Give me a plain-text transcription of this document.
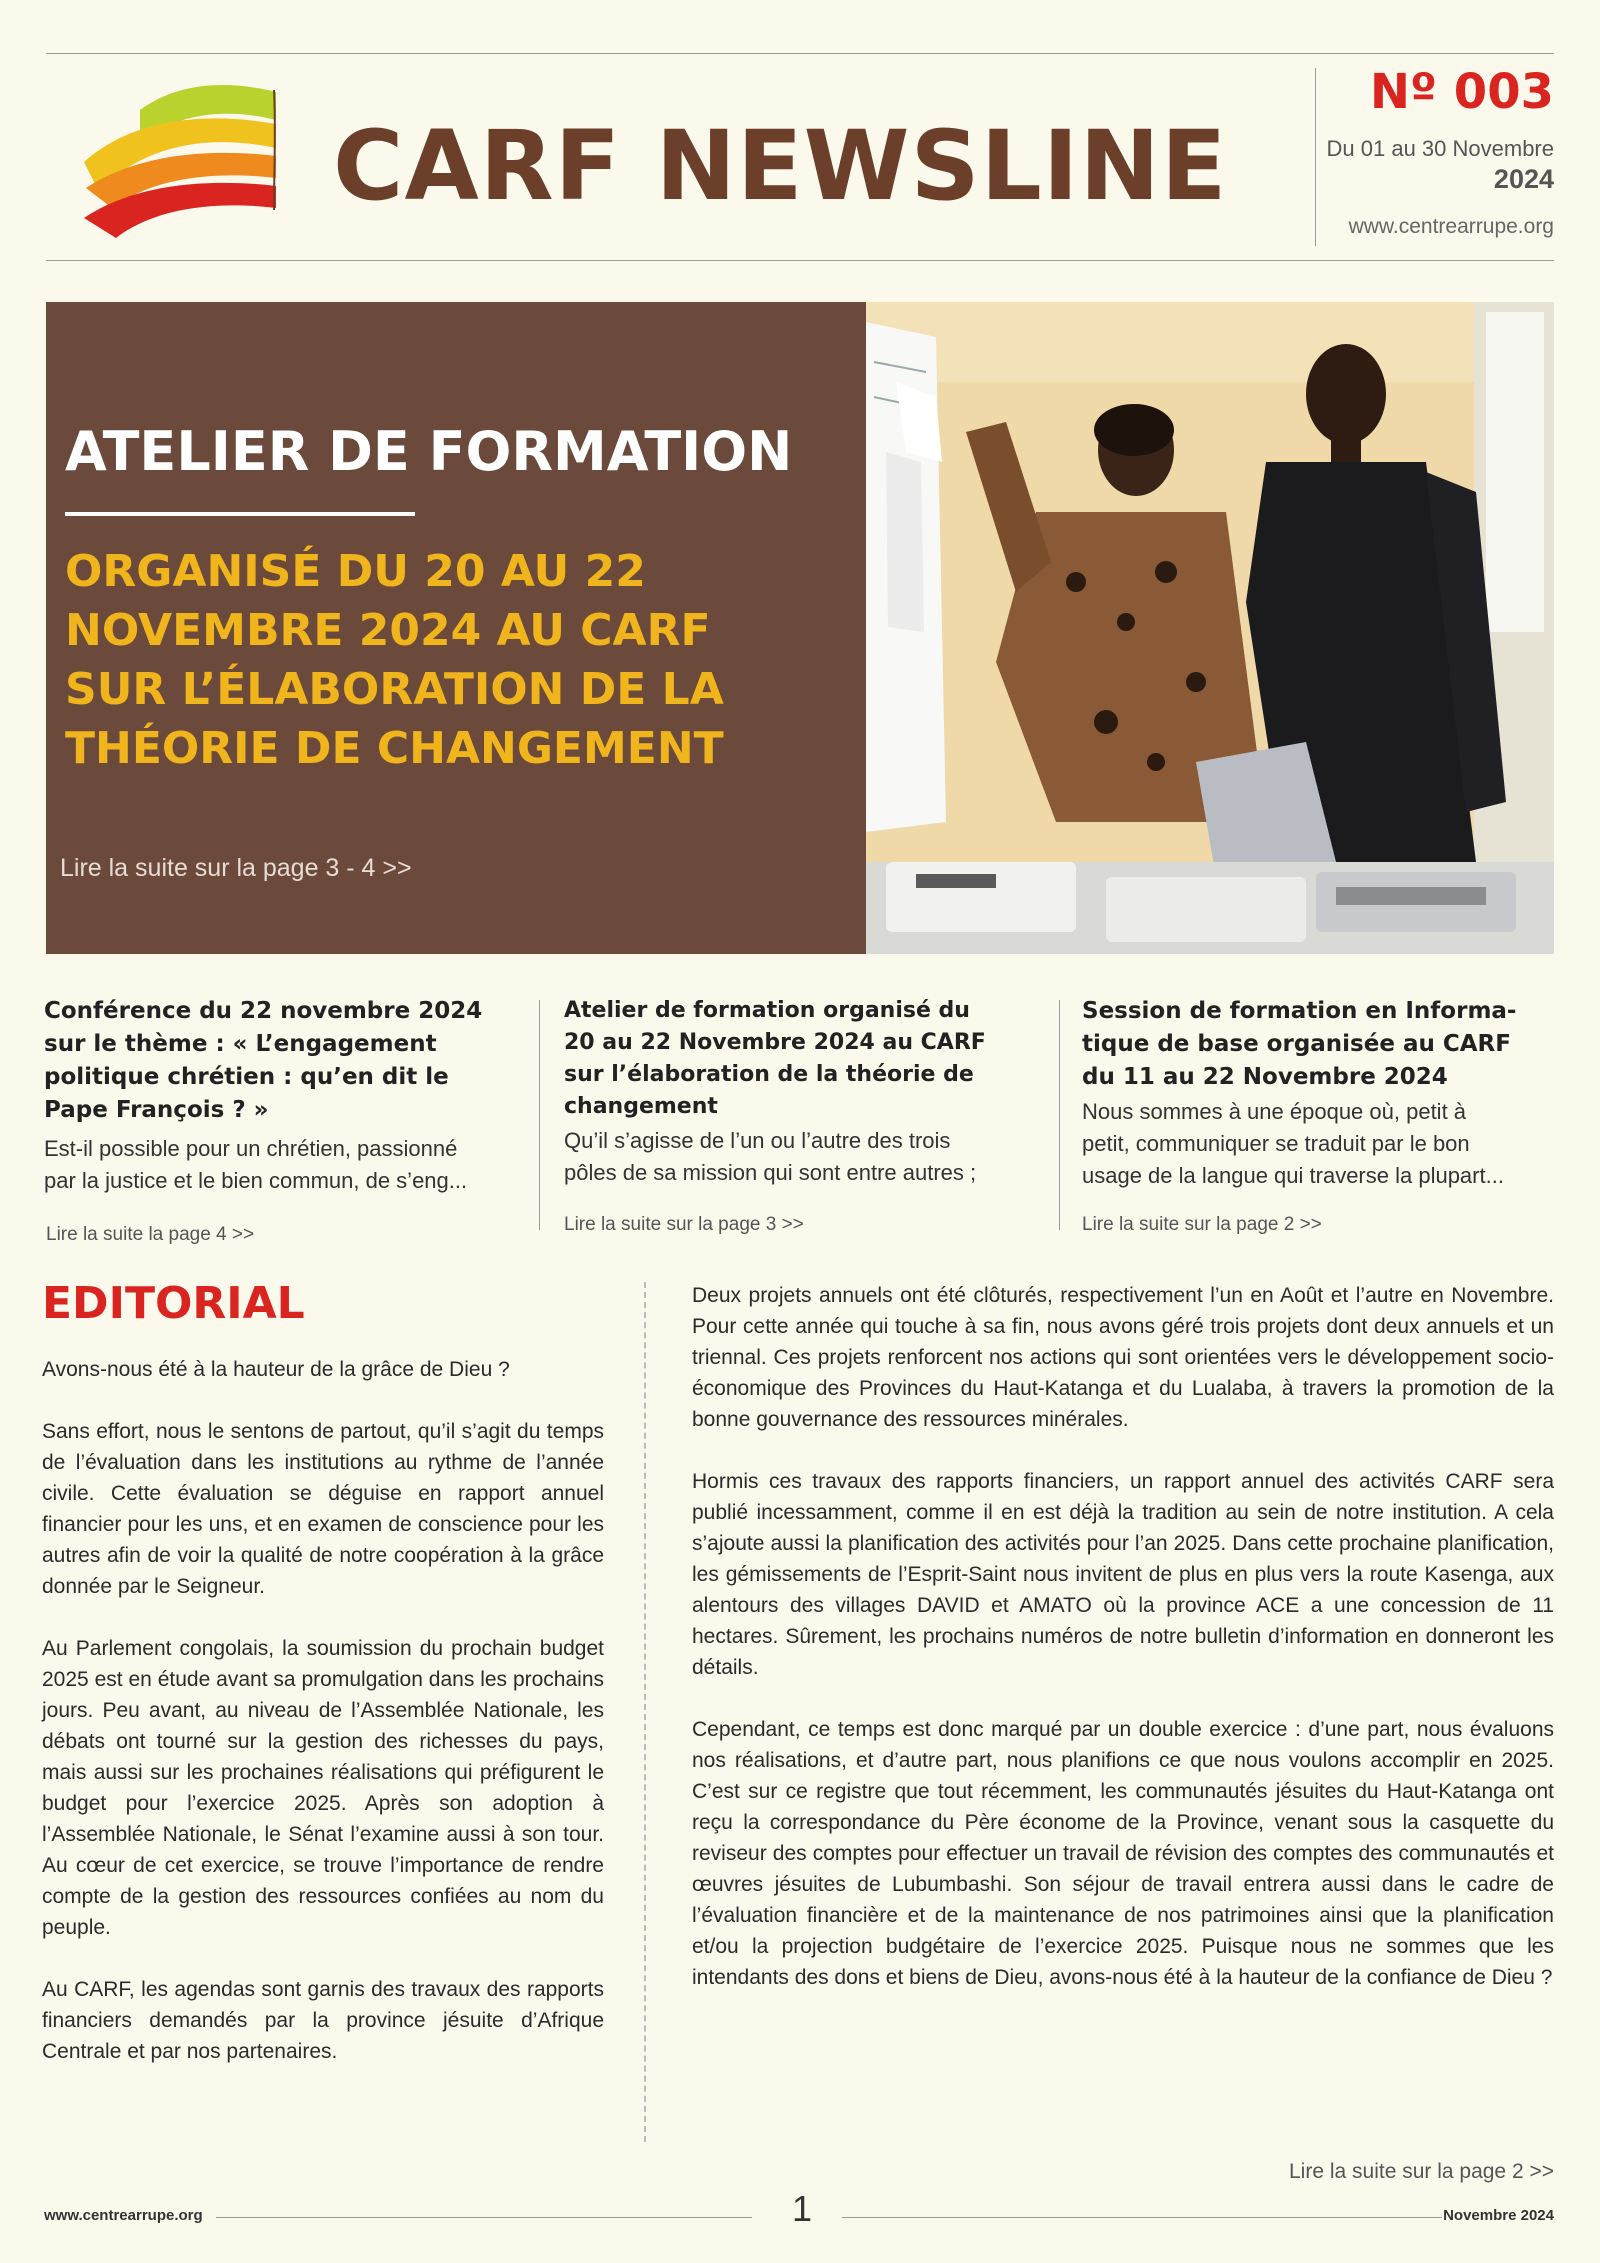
CARF NEWSLINE
Nº 003
Du 01 au 30 Novembre
2024
www.centrearrupe.org
ATELIER DE FORMATION
ORGANISÉ DU 20 AU 22
NOVEMBRE 2024 AU CARF
SUR L’ÉLABORATION DE LA
THÉORIE DE CHANGEMENT
Lire la suite sur la page 3 - 4 >>
Conférence du 22 novembre 2024
sur le thème : « L’engagement
politique chrétien : qu’en dit le
Pape François ? »

Est-il possible pour un chrétien, passionné
par la justice et le bien commun, de s’eng...

Lire la suite la page 4 >>
Atelier de formation organisé du
20 au 22 Novembre 2024 au CARF
sur l’élaboration de la théorie de
changement

Qu’il s’agisse de l’un ou l’autre des trois
pôles de sa mission qui sont entre autres ;

Lire la suite sur la page 3 >>
Session de formation en Informa-
tique de base organisée au CARF
du 11 au 22 Novembre 2024

Nous sommes à une époque où, petit à
petit, communiquer se traduit par le bon
usage de la langue qui traverse la plupart...

Lire la suite sur la page 2 >>
EDITORIAL

Avons-nous été à la hauteur de la grâce de Dieu ?

Sans effort, nous le sentons de partout, qu’il s’agit du temps de l’évaluation dans les institutions au rythme de l’année civile. Cette évaluation se déguise en rapport annuel financier pour les uns, et en examen de conscience pour les autres afin de voir la qualité de notre coopération à la grâce donnée par le Seigneur.

Au Parlement congolais, la soumission du prochain budget 2025 est en étude avant sa promulgation dans les prochains jours. Peu avant, au niveau de l’Assemblée Nationale, les débats ont tourné sur la gestion des richesses du pays, mais aussi sur les prochaines réalisations qui préfigurent le budget pour l’exercice 2025. Après son adoption à l’Assemblée Nationale, le Sénat l’examine aussi à son tour. Au cœur de cet exercice, se trouve l’importance de rendre compte de la gestion des ressources confiées au nom du peuple.

Au CARF, les agendas sont garnis des travaux des rapports financiers demandés par la province jésuite d’Afrique Centrale et par nos partenaires.

Deux projets annuels ont été clôturés, respectivement l’un en Août et l’autre en Novembre. Pour cette année qui touche à sa fin, nous avons géré trois projets dont deux annuels et un triennal. Ces projets renforcent nos actions qui sont orientées vers le développement socio-économique des Provinces du Haut-Katanga et du Lualaba, à travers la promotion de la bonne gouvernance des ressources minérales.

Hormis ces travaux des rapports financiers, un rapport annuel des activités CARF sera publié incessamment, comme il en est déjà la tradition au sein de notre institution. A cela s’ajoute aussi la planification des activités pour l’an 2025. Dans cette prochaine planification, les gémissements de l’Esprit-Saint nous invitent de plus en plus vers la route Kasenga, aux alentours des villages DAVID et AMATO où la province ACE a une concession de 11 hectares. Sûrement, les prochains numéros de notre bulletin d’information en donneront les détails.

Cependant, ce temps est donc marqué par un double exercice : d’une part, nous évaluons nos réalisations, et d’autre part, nous planifions ce que nous voulons accomplir en 2025. C’est sur ce registre que tout récemment, les communautés jésuites du Haut-Katanga ont reçu la correspondance du Père économe de la Province, venant sous la casquette du reviseur des comptes pour effectuer un travail de révision des comptes des communautés et œuvres jésuites de Lubumbashi. Son séjour de travail entrera aussi dans le cadre de l’évaluation financière et de la maintenance de nos patrimoines ainsi que la planification et/ou la projection budgétaire de l’exercice 2025. Puisque nous ne sommes que les intendants des dons et biens de Dieu, avons-nous été à la hauteur de la confiance de Dieu ?

Lire la suite sur la page 2 >>
www.centrearrupe.org	1	Novembre 2024
